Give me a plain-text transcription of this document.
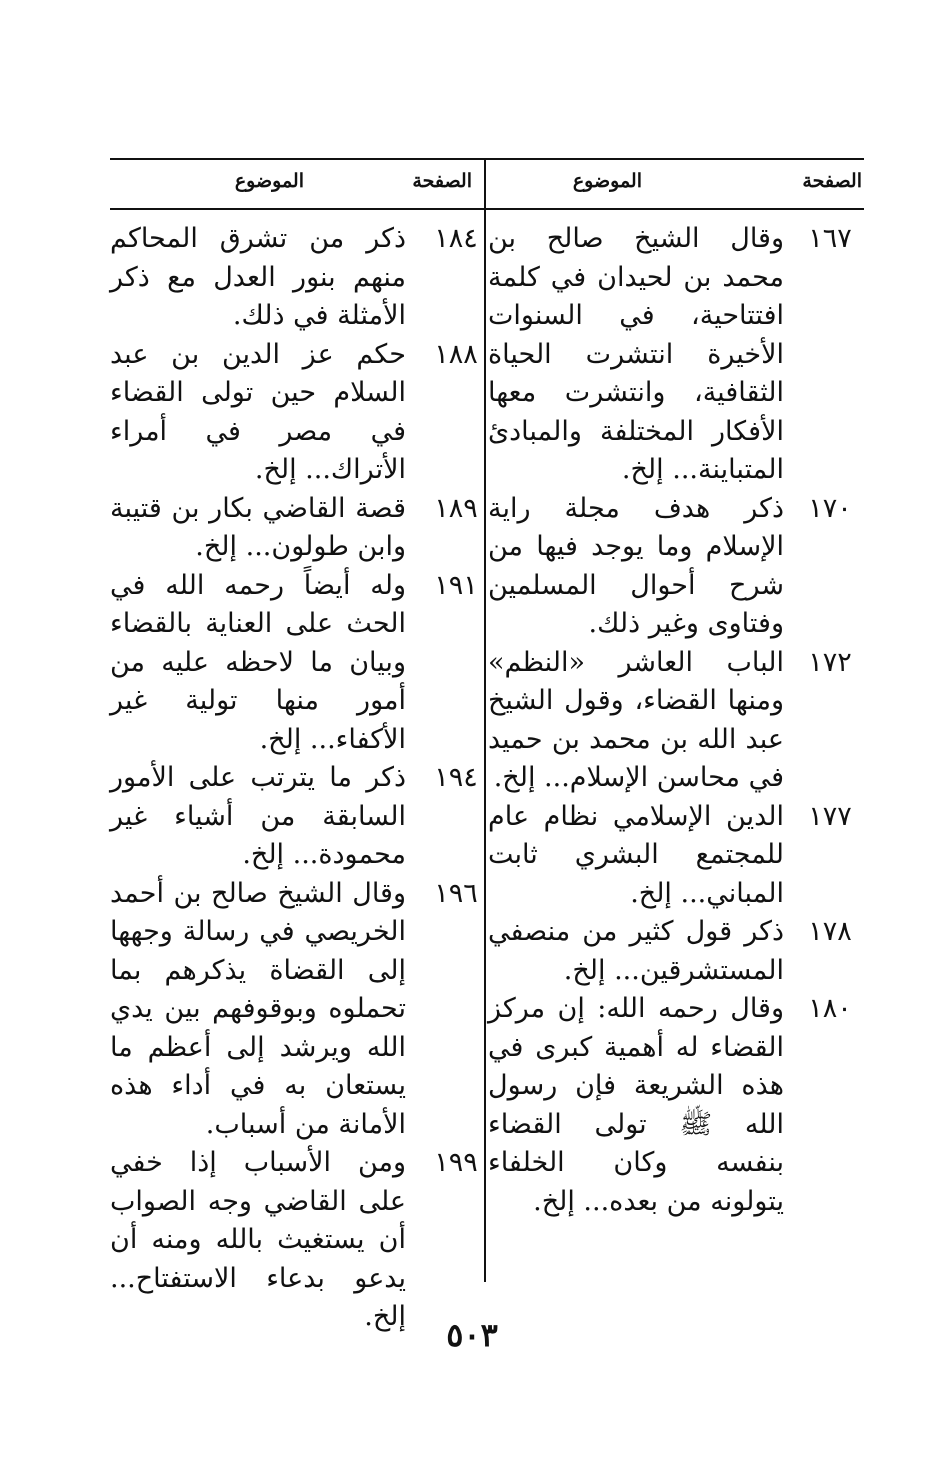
الصفحة
الموضوع
الصفحة
الموضوع
١٦٧
وقال الشيخ صالح بن محمد بن لحيدان في كلمة افتتاحية، في السنوات الأخيرة انتشرت الحياة الثقافية، وانتشرت معها الأفكار المختلفة والمبادئ المتباينة... إلخ.
١٧٠
ذكر هدف مجلة راية الإسلام وما يوجد فيها من شرح أحوال المسلمين وفتاوى وغير ذلك.
١٧٢
الباب العاشر «النظم» ومنها القضاء، وقول الشيخ عبد الله بن محمد بن حميد في محاسن الإسلام... إلخ.
١٧٧
الدين الإسلامي نظام عام للمجتمع البشري ثابت المباني... إلخ.
١٧٨
ذكر قول كثير من منصفي المستشرقين... إلخ.
١٨٠
وقال رحمه الله: إن مركز القضاء له أهمية كبرى في هذه الشريعة فإن رسول الله ﷺ تولى القضاء بنفسه وكان الخلفاء يتولونه من بعده... إلخ.
١٨٤
ذكر من تشرق المحاكم منهم بنور العدل مع ذكر الأمثلة في ذلك.
١٨٨
حكم عز الدين بن عبد السلام حين تولى القضاء في مصر في أمراء الأتراك... إلخ.
١٨٩
قصة القاضي بكار بن قتيبة وابن طولون... إلخ.
١٩١
وله أيضاً رحمه الله في الحث على العناية بالقضاء وبيان ما لاحظه عليه من أمور منها تولية غير الأكفاء... إلخ.
١٩٤
ذكر ما يترتب على الأمور السابقة من أشياء غير محمودة... إلخ.
١٩٦
وقال الشيخ صالح بن أحمد الخريصي في رسالة وجهها إلى القضاة يذكرهم بما تحملوه وبوقوفهم بين يدي الله ويرشد إلى أعظم ما يستعان به في أداء هذه الأمانة من أسباب.
١٩٩
ومن الأسباب إذا خفي على القاضي وجه الصواب أن يستغيث بالله ومنه أن يدعو بدعاء الاستفتاح... إلخ.	٥٠٣
